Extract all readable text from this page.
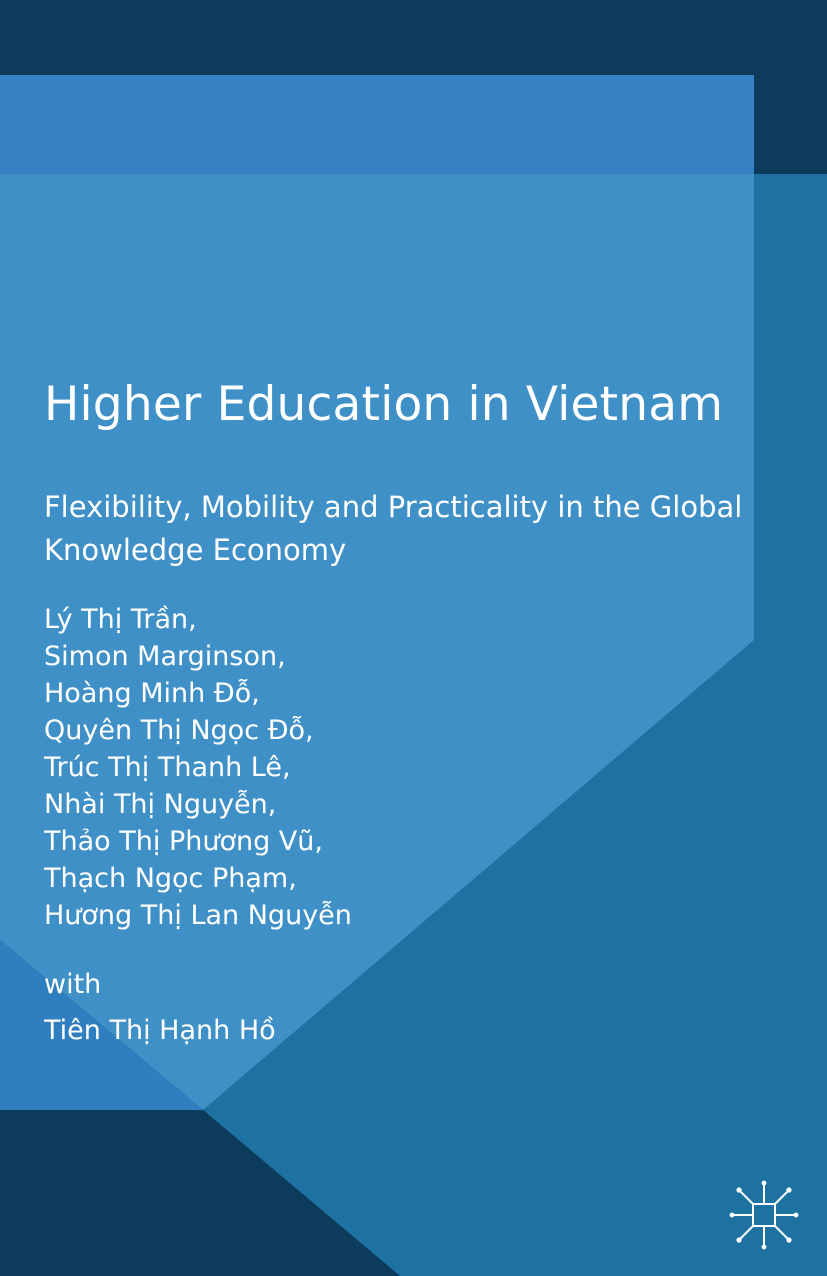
Higher Education in Vietnam

Flexibility, Mobility and Practicality in the Global Knowledge Economy

Lý Thị Trần,
Simon Marginson,
Hoàng Minh Đỗ,
Quyên Thị Ngọc Đỗ,
Trúc Thị Thanh Lê,
Nhài Thị Nguyễn,
Thảo Thị Phương Vũ,
Thạch Ngọc Phạm,
Hương Thị Lan Nguyễn
with
Tiên Thị Hạnh Hồ
